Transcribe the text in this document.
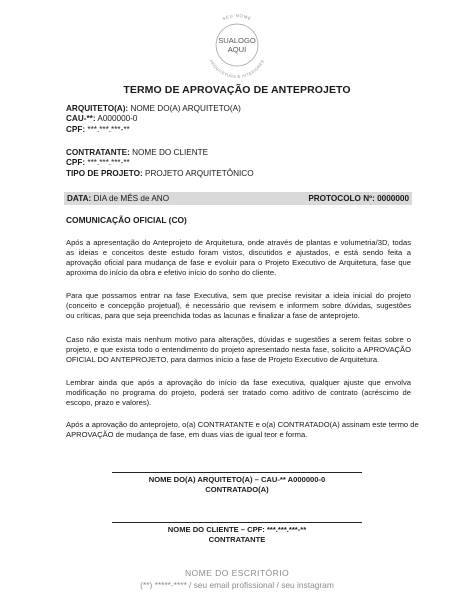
SEU NOME
ARQUITETURA E INTERIORES
SUALOGO
AQUI
TERMO DE APROVAÇÃO DE ANTEPROJETO
ARQUITETO(A): NOME DO(A) ARQUITETO(A)
CAU-**: A000000-0
CPF: ***.***.***-**
CONTRATANTE: NOME DO CLIENTE
CPF: ***.***.***-**
TIPO DE PROJETO: PROJETO ARQUITETÔNICO
DATA: DIA de MÊS de ANO	PROTOCOLO Nº: 0000000
COMUNICAÇÃO OFICIAL (CO)
Após a apresentação do Anteprojeto de Arquitetura, onde através de plantas e volumetria/3D, todas
as ideias e conceitos deste estudo foram vistos, discutidos e ajustados, e está sendo feita a
aprovação oficial para mudança de fase e evoluir para o Projeto Executivo de Arquitetura, fase que
aproxima do início da obra e efetivo início do sonho do cliente.
Para que possamos entrar na fase Executiva, sem que precise revisitar a ideia inicial do projeto
(conceito e concepção projetual), é necessário que revisem e informem sobre dúvidas, sugestões
ou críticas, para que seja preenchida todas as lacunas e finalizar a fase de anteprojeto.
Caso não exista mais nenhum motivo para alterações, dúvidas e sugestões a serem feitas sobre o
projeto, e que exista todo o entendimento do projeto apresentado nesta fase, solicito a APROVAÇÃO
OFICIAL DO ANTEPROJETO, para darmos início a fase de Projeto Executivo de Arquitetura.
Lembrar ainda que após a aprovação do início da fase executiva, qualquer ajuste que envolva
modificação no programa do projeto, poderá ser tratado como aditivo de contrato (acréscimo de
escopo, prazo e valores).
Após a aprovação do anteprojeto, o(a) CONTRATANTE e o(a) CONTRATADO(A) assinam este termo de
APROVAÇÃO de mudança de fase, em duas vias de igual teor e forma.
NOME DO(A) ARQUITETO(A) – CAU-** A000000-0
CONTRATADO(A)
NOME DO CLIENTE – CPF: ***.***.***-**
CONTRATANTE
NOME DO ESCRITÓRIO
(**) *****-**** / seu email profissional / seu instagram
